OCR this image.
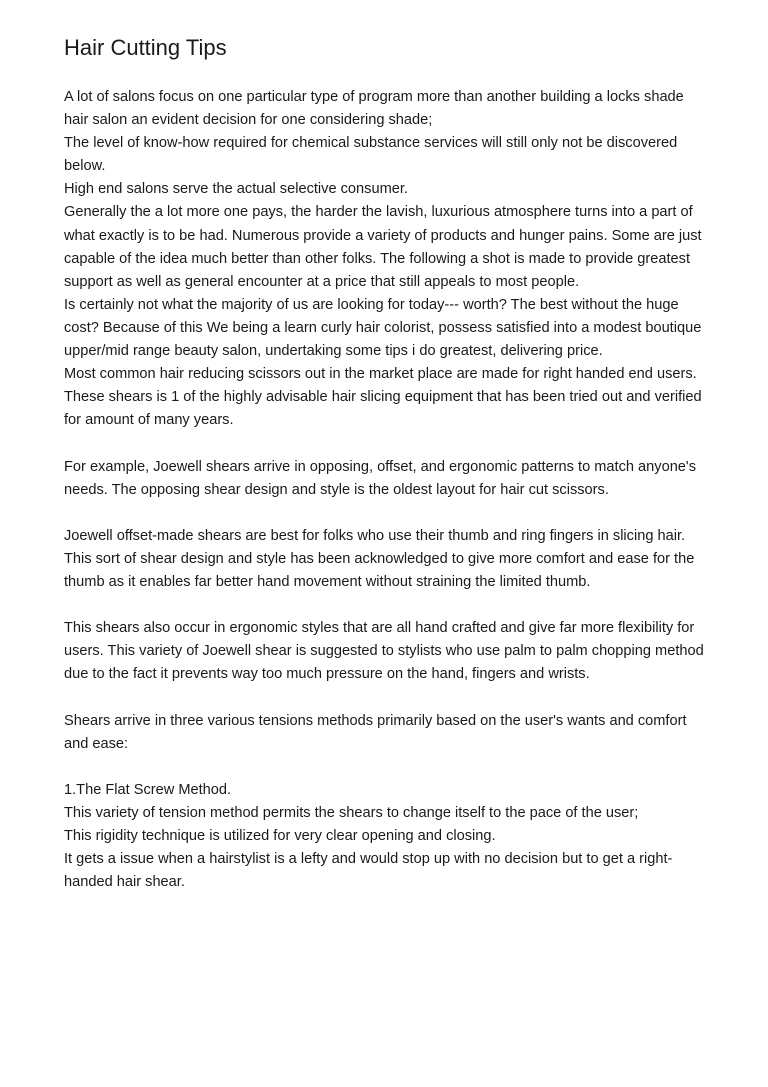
Hair Cutting Tips

A lot of salons focus on one particular type of program more than another building a locks shade hair salon an evident decision for one considering shade;

The level of know-how required for chemical substance services will still only not be discovered below.

High end salons serve the actual selective consumer.

Generally the a lot more one pays, the harder the lavish, luxurious atmosphere turns into a part of what exactly is to be had. Numerous provide a variety of products and hunger pains. Some are just capable of the idea much better than other folks. The following a shot is made to provide greatest support as well as general encounter at a price that still appeals to most people.

Is certainly not what the majority of us are looking for today--- worth? The best without the huge cost? Because of this We being a learn curly hair colorist, possess satisfied into a modest boutique upper/mid range beauty salon, undertaking some tips i do greatest, delivering price.

Most common hair reducing scissors out in the market place are made for right handed end users.

These shears is 1 of the highly advisable hair slicing equipment that has been tried out and verified for amount of many years.

For example, Joewell shears arrive in opposing, offset, and ergonomic patterns to match anyone's needs. The opposing shear design and style is the oldest layout for hair cut scissors.

Joewell offset-made shears are best for folks who use their thumb and ring fingers in slicing hair. This sort of shear design and style has been acknowledged to give more comfort and ease for the thumb as it enables far better hand movement without straining the limited thumb.

This shears also occur in ergonomic styles that are all hand crafted and give far more flexibility for users. This variety of Joewell shear is suggested to stylists who use palm to palm chopping method due to the fact it prevents way too much pressure on the hand, fingers and wrists.

Shears arrive in three various tensions methods primarily based on the user's wants and comfort and ease:

1.The Flat Screw Method.

This variety of tension method permits the shears to change itself to the pace of the user;

This rigidity technique is utilized for very clear opening and closing.

It gets a issue when a hairstylist is a lefty and would stop up with no decision but to get a right-handed hair shear.
